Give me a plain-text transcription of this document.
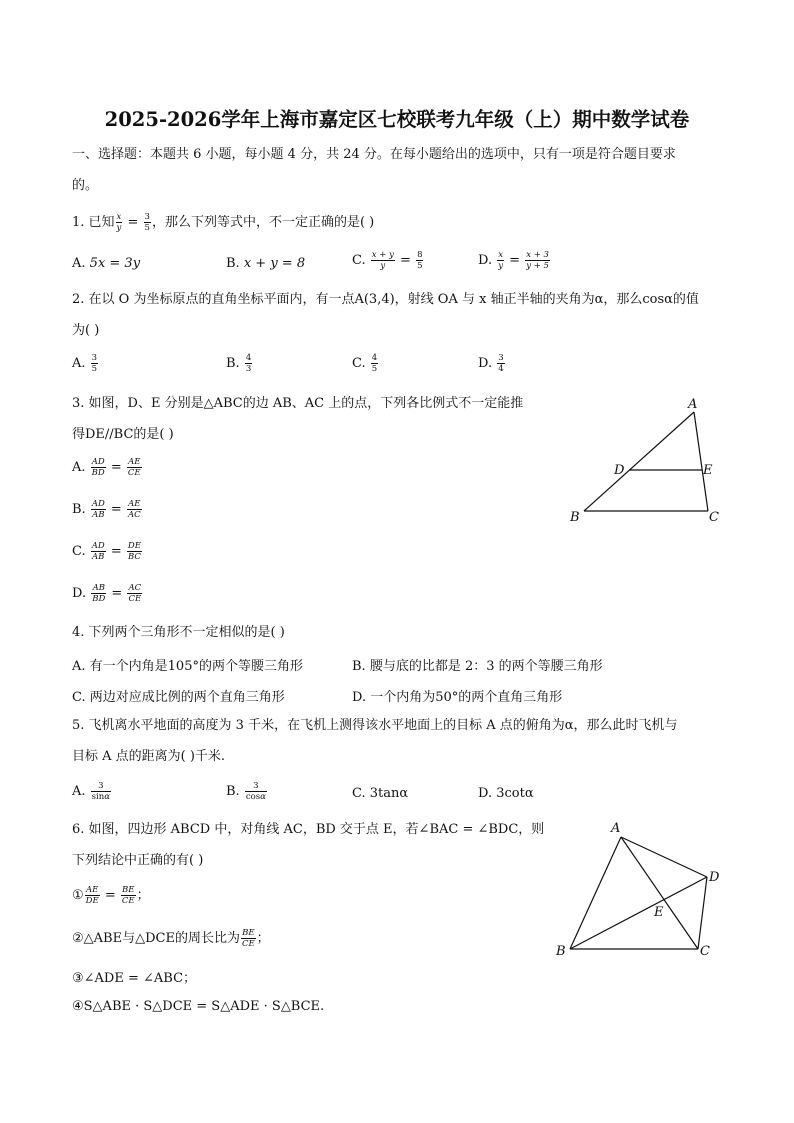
2025-2026学年上海市嘉定区七校联考九年级（上）期中数学试卷
一、选择题：本题共 6 小题，每小题 4 分，共 24 分。在每小题给出的选项中，只有一项是符合题目要求
的。
1. 已知 $\frac{x}{y} = \frac{3}{5}$ ，那么下列等式中，不一定正确的是( )
A. 5x = 3y	B. x + y = 8	C. $\frac{x + y}{y} = \frac{8}{5}$	D. $\frac{x}{y} = \frac{x + 3}{y + 5}$
2. 在以 O 为坐标原点的直角坐标平面内，有一点A(3,4)，射线 OA 与 x 轴正半轴的夹角为α，那么cosα的值
为( )
A. $\frac{3}{5}$	B. $\frac{4}{3}$	C. $\frac{4}{5}$	D. $\frac{3}{4}$
3. 如图，D、E 分别是△ABC的边 AB、AC 上的点，下列各比例式不一定能推
得DE//BC的是( )
A. $\frac{AD}{BD} = \frac{AE}{CE}$
B. $\frac{AD}{AB} = \frac{AE}{AC}$
C. $\frac{AD}{AB} = \frac{DE}{BC}$
D. $\frac{AB}{BD} = \frac{AC}{CE}$
A
B	C
D	E
4. 下列两个三角形不一定相似的是( )
A. 有一个内角是105°的两个等腰三角形	B. 腰与底的比都是 2：3 的两个等腰三角形
C. 两边对应成比例的两个直角三角形	D. 一个内角为50°的两个直角三角形
5. 飞机离水平地面的高度为 3 千米，在飞机上测得该水平地面上的目标 A 点的俯角为α，那么此时飞机与
目标 A 点的距离为( )千米.
A. $\frac{3}{\sin\alpha}$	B. $\frac{3}{\cos\alpha}$	C. 3tanα	D. 3cotα
6. 如图，四边形 ABCD 中，对角线 AC，BD 交于点 E，若∠BAC = ∠BDC，则
下列结论中正确的有( )
① $\frac{AE}{DE} = \frac{BE}{CE}$ ；
②△ABE与△DCE的周长比为 $\frac{BE}{CE}$ ；
③∠ADE = ∠ABC；
④S△ABE · S△DCE = S△ADE · S△BCE.
A
B	C
D
E
